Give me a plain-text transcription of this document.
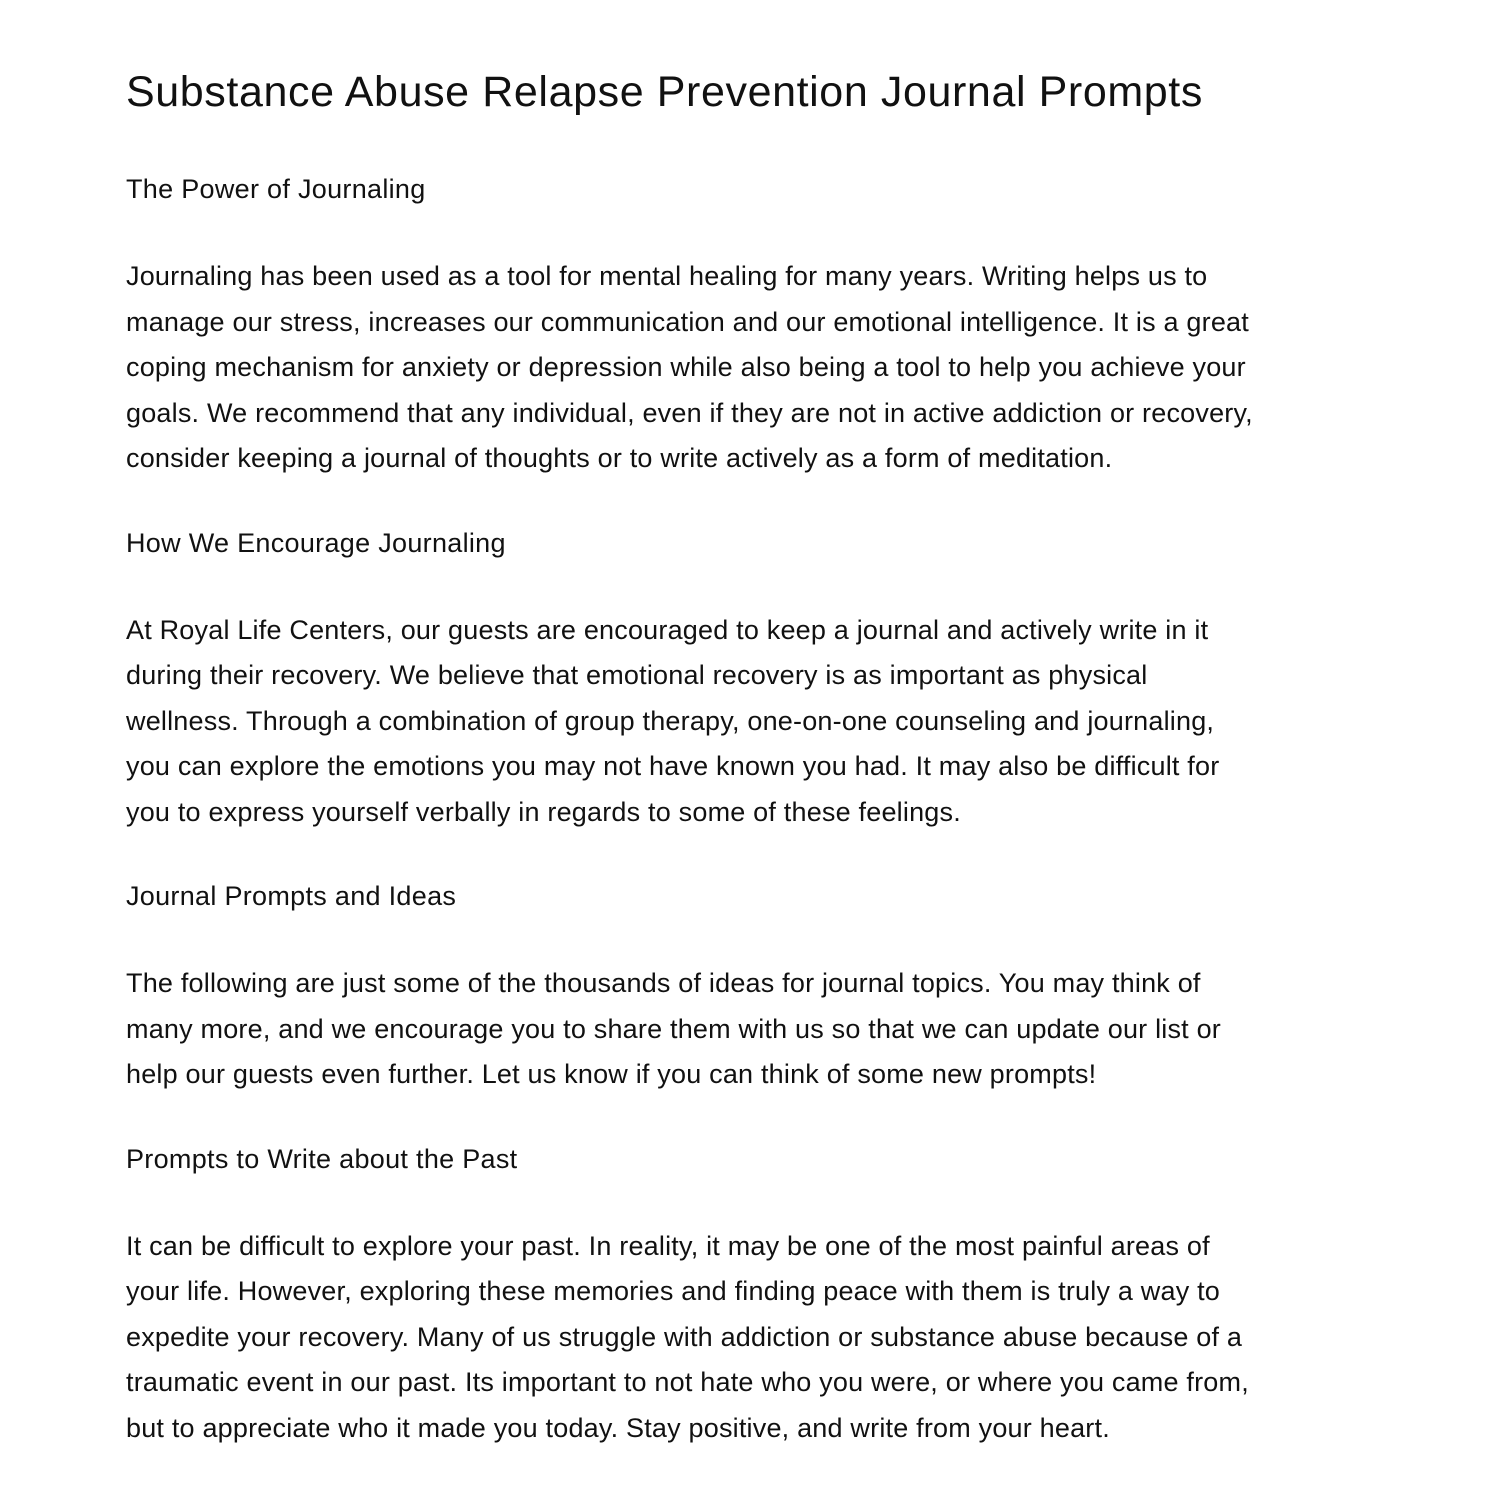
Substance Abuse Relapse Prevention Journal Prompts
The Power of Journaling

Journaling has been used as a tool for mental healing for many years. Writing helps us to
manage our stress, increases our communication and our emotional intelligence. It is a great
coping mechanism for anxiety or depression while also being a tool to help you achieve your
goals. We recommend that any individual, even if they are not in active addiction or recovery,
consider keeping a journal of thoughts or to write actively as a form of meditation.

How We Encourage Journaling

At Royal Life Centers, our guests are encouraged to keep a journal and actively write in it
during their recovery. We believe that emotional recovery is as important as physical
wellness. Through a combination of group therapy, one-on-one counseling and journaling,
you can explore the emotions you may not have known you had. It may also be difficult for
you to express yourself verbally in regards to some of these feelings.

Journal Prompts and Ideas

The following are just some of the thousands of ideas for journal topics. You may think of
many more, and we encourage you to share them with us so that we can update our list or
help our guests even further. Let us know if you can think of some new prompts!

Prompts to Write about the Past

It can be difficult to explore your past. In reality, it may be one of the most painful areas of
your life. However, exploring these memories and finding peace with them is truly a way to
expedite your recovery. Many of us struggle with addiction or substance abuse because of a
traumatic event in our past. Its important to not hate who you were, or where you came from,
but to appreciate who it made you today. Stay positive, and write from your heart.
